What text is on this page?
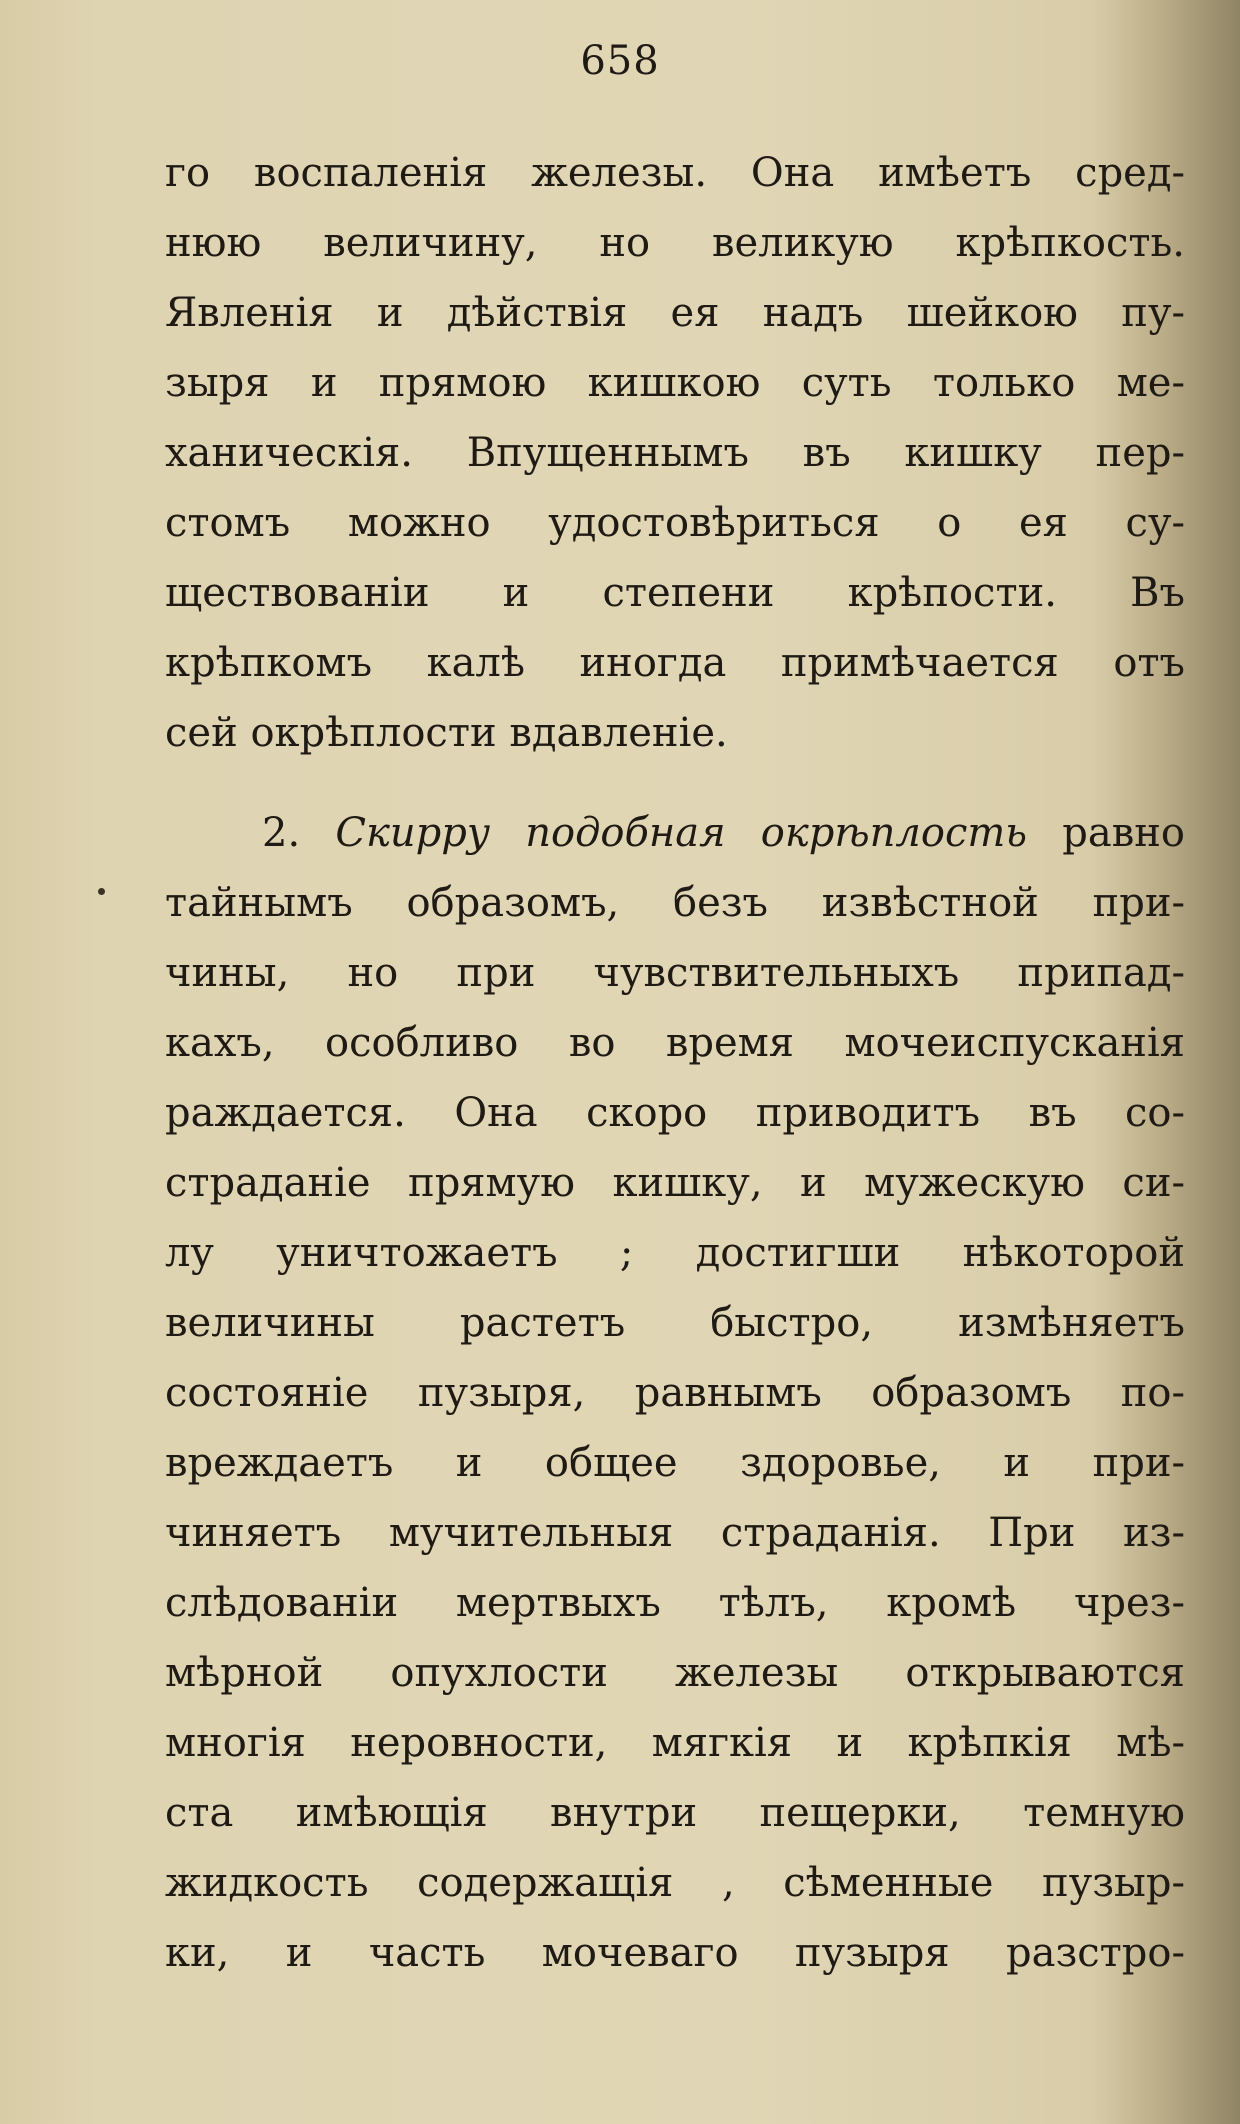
658
го воспаленія железы. Она имѣетъ сред-
нюю величину, но великую крѣпкость.
Явленія и дѣйствія ея надъ шейкою пу-
зыря и прямою кишкою суть только ме-
ханическія. Впущеннымъ въ кишку пер-
стомъ можно удостовѣриться о ея су-
ществованіи и степени крѣпости. Въ
крѣпкомъ калѣ иногда примѣчается отъ
сей окрѣплости вдавленіе.
2. Скирру подобная окрѣплость равно
тайнымъ образомъ, безъ извѣстной при-
чины, но при чувствительныхъ припад-
кахъ, особливо во время мочеиспусканія
раждается. Она скоро приводитъ въ со-
страданіе прямую кишку, и мужескую си-
лу уничтожаетъ ; достигши нѣкоторой
величины растетъ быстро, измѣняетъ
состояніе пузыря, равнымъ образомъ по-
вреждаетъ и общее здоровье, и при-
чиняетъ мучительныя страданія. При из-
слѣдованіи мертвыхъ тѣлъ, кромѣ чрез-
мѣрной опухлости железы открываются
многія неровности, мягкія и крѣпкія мѣ-
ста имѣющія внутри пещерки, темную
жидкость содержащія , сѣменные пузыр-
ки, и часть мочеваго пузыря разстро-
